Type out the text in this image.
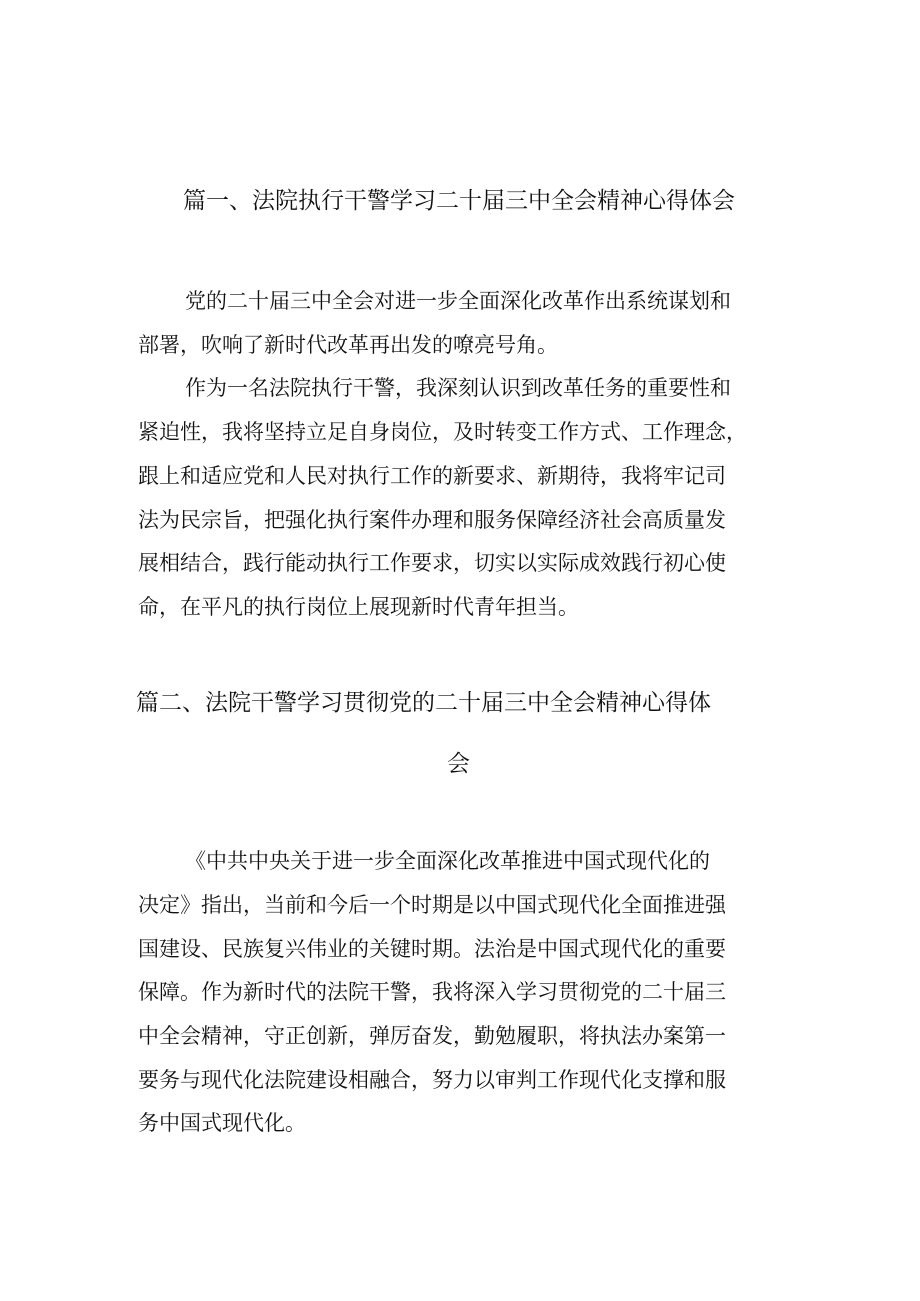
篇一、法院执行干警学习二十届三中全会精神心得体会
党的二十届三中全会对进一步全面深化改革作出系统谋划和
部署，吹响了新时代改革再出发的嘹亮号角。
作为一名法院执行干警，我深刻认识到改革任务的重要性和
紧迫性，我将坚持立足自身岗位，及时转变工作方式、工作理念，
跟上和适应党和人民对执行工作的新要求、新期待，我将牢记司
法为民宗旨，把强化执行案件办理和服务保障经济社会高质量发
展相结合，践行能动执行工作要求，切实以实际成效践行初心使
命，在平凡的执行岗位上展现新时代青年担当。
篇二、法院干警学习贯彻党的二十届三中全会精神心得体
会
《中共中央关于进一步全面深化改革推进中国式现代化的
决定》指出，当前和今后一个时期是以中国式现代化全面推进强
国建设、民族复兴伟业的关键时期。法治是中国式现代化的重要
保障。作为新时代的法院干警，我将深入学习贯彻党的二十届三
中全会精神，守正创新，弹厉奋发，勤勉履职，将执法办案第一
要务与现代化法院建设相融合，努力以审判工作现代化支撑和服
务中国式现代化。
